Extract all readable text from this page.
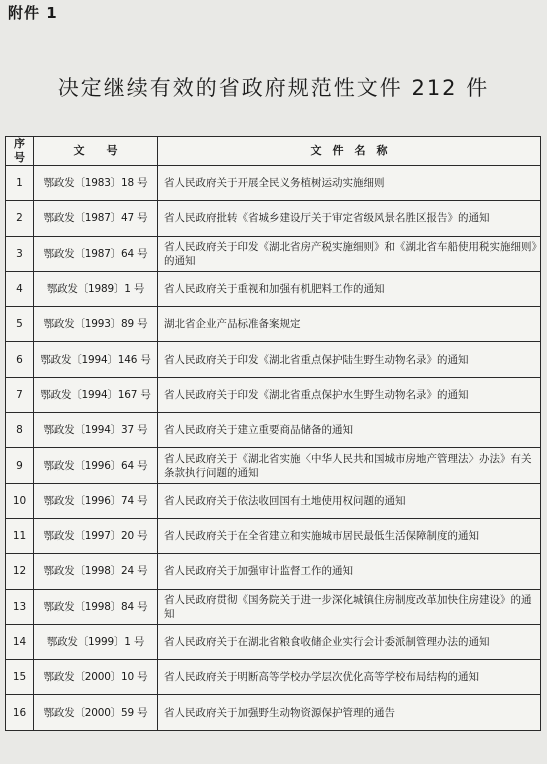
附件 1
决定继续有效的省政府规范性文件 212 件
序号	文　　号	文　件　名　称
1	鄂政发〔1983〕18 号	省人民政府关于开展全民义务植树运动实施细则
2	鄂政发〔1987〕47 号	省人民政府批转《省城乡建设厅关于审定省级风景名胜区报告》的通知
3	鄂政发〔1987〕64 号	省人民政府关于印发《湖北省房产税实施细则》和《湖北省车船使用税实施细则》的通知
4	鄂政发〔1989〕1 号	省人民政府关于重视和加强有机肥料工作的通知
5	鄂政发〔1993〕89 号	湖北省企业产品标准备案规定
6	鄂政发〔1994〕146 号	省人民政府关于印发《湖北省重点保护陆生野生动物名录》的通知
7	鄂政发〔1994〕167 号	省人民政府关于印发《湖北省重点保护水生野生动物名录》的通知
8	鄂政发〔1994〕37 号	省人民政府关于建立重要商品储备的通知
9	鄂政发〔1996〕64 号	省人民政府关于《湖北省实施〈中华人民共和国城市房地产管理法〉办法》有关条款执行问题的通知
10	鄂政发〔1996〕74 号	省人民政府关于依法收回国有土地使用权问题的通知
11	鄂政发〔1997〕20 号	省人民政府关于在全省建立和实施城市居民最低生活保障制度的通知
12	鄂政发〔1998〕24 号	省人民政府关于加强审计监督工作的通知
13	鄂政发〔1998〕84 号	省人民政府贯彻《国务院关于进一步深化城镇住房制度改革加快住房建设》的通知
14	鄂政发〔1999〕1 号	省人民政府关于在湖北省粮食收储企业实行会计委派制管理办法的通知
15	鄂政发〔2000〕10 号	省人民政府关于明断高等学校办学层次优化高等学校布局结构的通知
16	鄂政发〔2000〕59 号	省人民政府关于加强野生动物资源保护管理的通告
